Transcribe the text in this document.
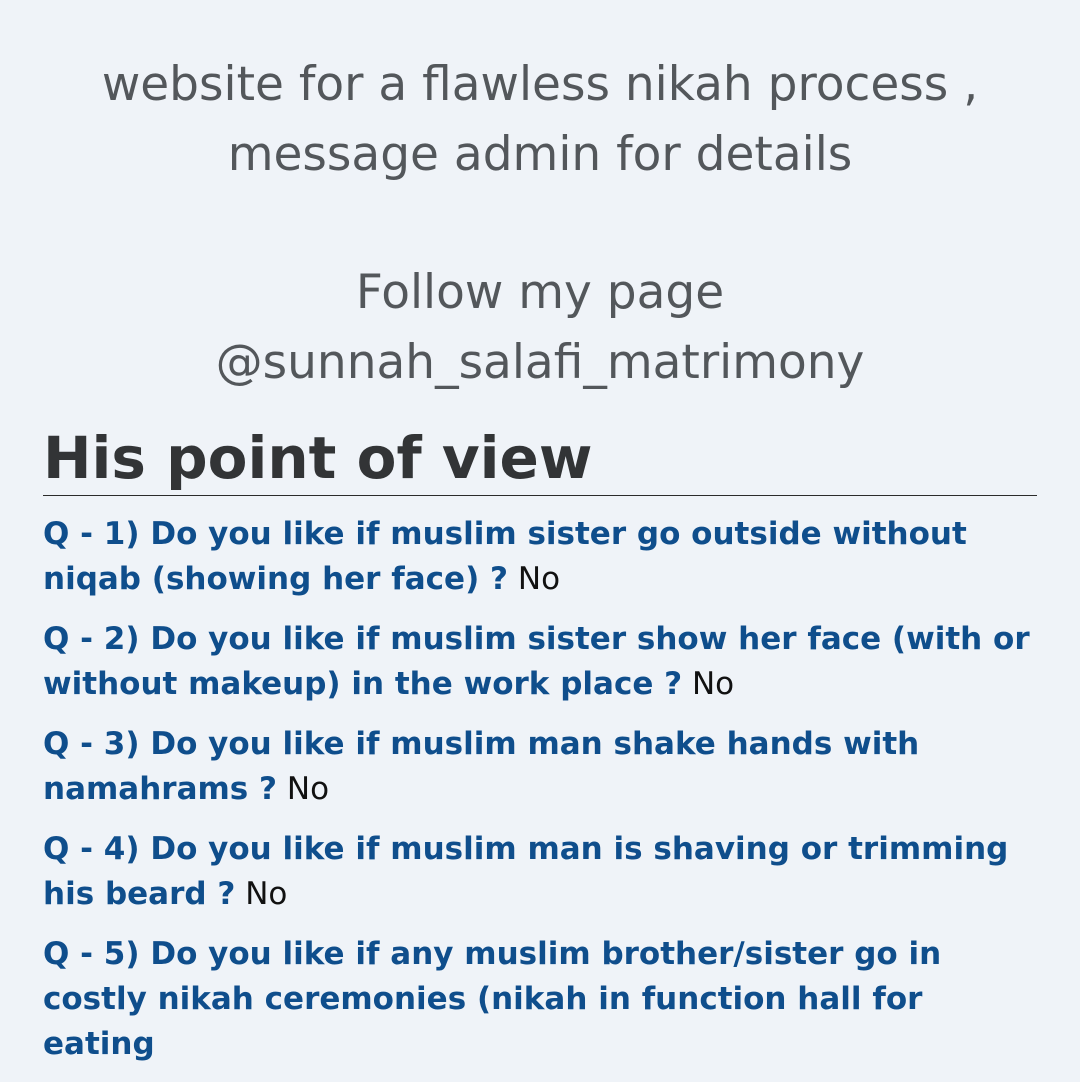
website for a flawless nikah process ,

message admin for details

Follow my page

@sunnah_salafi_matrimony

His point of view

Q - 1) Do you like if muslim sister go outside without niqab (showing her face) ? No

Q - 2) Do you like if muslim sister show her face (with or without makeup) in the work place ? No

Q - 3) Do you like if muslim man shake hands with namahrams ? No

Q - 4) Do you like if muslim man is shaving or trimming his beard ? No

Q - 5) Do you like if any muslim brother/sister go in costly nikah ceremonies (nikah in function hall for eating
